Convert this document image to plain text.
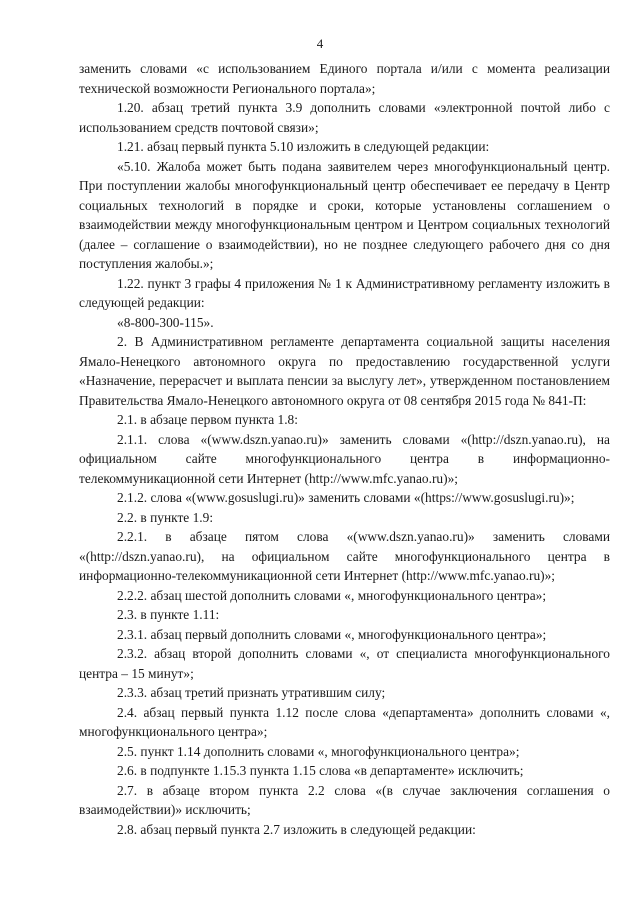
4

заменить словами «с использованием Единого портала и/или с момента реализации технической возможности Регионального портала»;

1.20. абзац третий пункта 3.9 дополнить словами «электронной почтой либо с использованием средств почтовой связи»;

1.21. абзац первый пункта 5.10 изложить в следующей редакции:

«5.10. Жалоба может быть подана заявителем через многофункциональный центр. При поступлении жалобы многофункциональный центр обеспечивает ее передачу в Центр социальных технологий в порядке и сроки, которые установлены соглашением о взаимодействии между многофункциональным центром и Центром социальных технологий (далее – соглашение о взаимодействии), но не позднее следующего рабочего дня со дня поступления жалобы.»;

1.22. пункт 3 графы 4 приложения № 1 к Административному регламенту изложить в следующей редакции:

«8-800-300-115».

2. В Административном регламенте департамента социальной защиты населения Ямало-Ненецкого автономного округа по предоставлению государственной услуги «Назначение, перерасчет и выплата пенсии за выслугу лет», утвержденном постановлением Правительства Ямало-Ненецкого автономного округа от 08 сентября 2015 года № 841-П:

2.1. в абзаце первом пункта 1.8:

2.1.1. слова «(www.dszn.yanao.ru)» заменить словами «(http://dszn.yanao.ru), на официальном сайте многофункционального центра в информационно-телекоммуникационной сети Интернет (http://www.mfc.yanao.ru)»;

2.1.2. слова «(www.gosuslugi.ru)» заменить словами «(https://www.gosuslugi.ru)»;

2.2. в пункте 1.9:

2.2.1. в абзаце пятом слова «(www.dszn.yanao.ru)» заменить словами «(http://dszn.yanao.ru), на официальном сайте многофункционального центра в информационно-телекоммуникационной сети Интернет (http://www.mfc.yanao.ru)»;

2.2.2. абзац шестой дополнить словами «, многофункционального центра»;

2.3. в пункте 1.11:

2.3.1. абзац первый дополнить словами «, многофункционального центра»;

2.3.2. абзац второй дополнить словами «, от специалиста многофункционального центра – 15 минут»;

2.3.3. абзац третий признать утратившим силу;

2.4. абзац первый пункта 1.12 после слова «департамента» дополнить словами «, многофункционального центра»;

2.5. пункт 1.14 дополнить словами «, многофункционального центра»;

2.6. в подпункте 1.15.3 пункта 1.15 слова «в департаменте» исключить;

2.7. в абзаце втором пункта 2.2 слова «(в случае заключения соглашения о взаимодействии)» исключить;

2.8. абзац первый пункта 2.7 изложить в следующей редакции:
